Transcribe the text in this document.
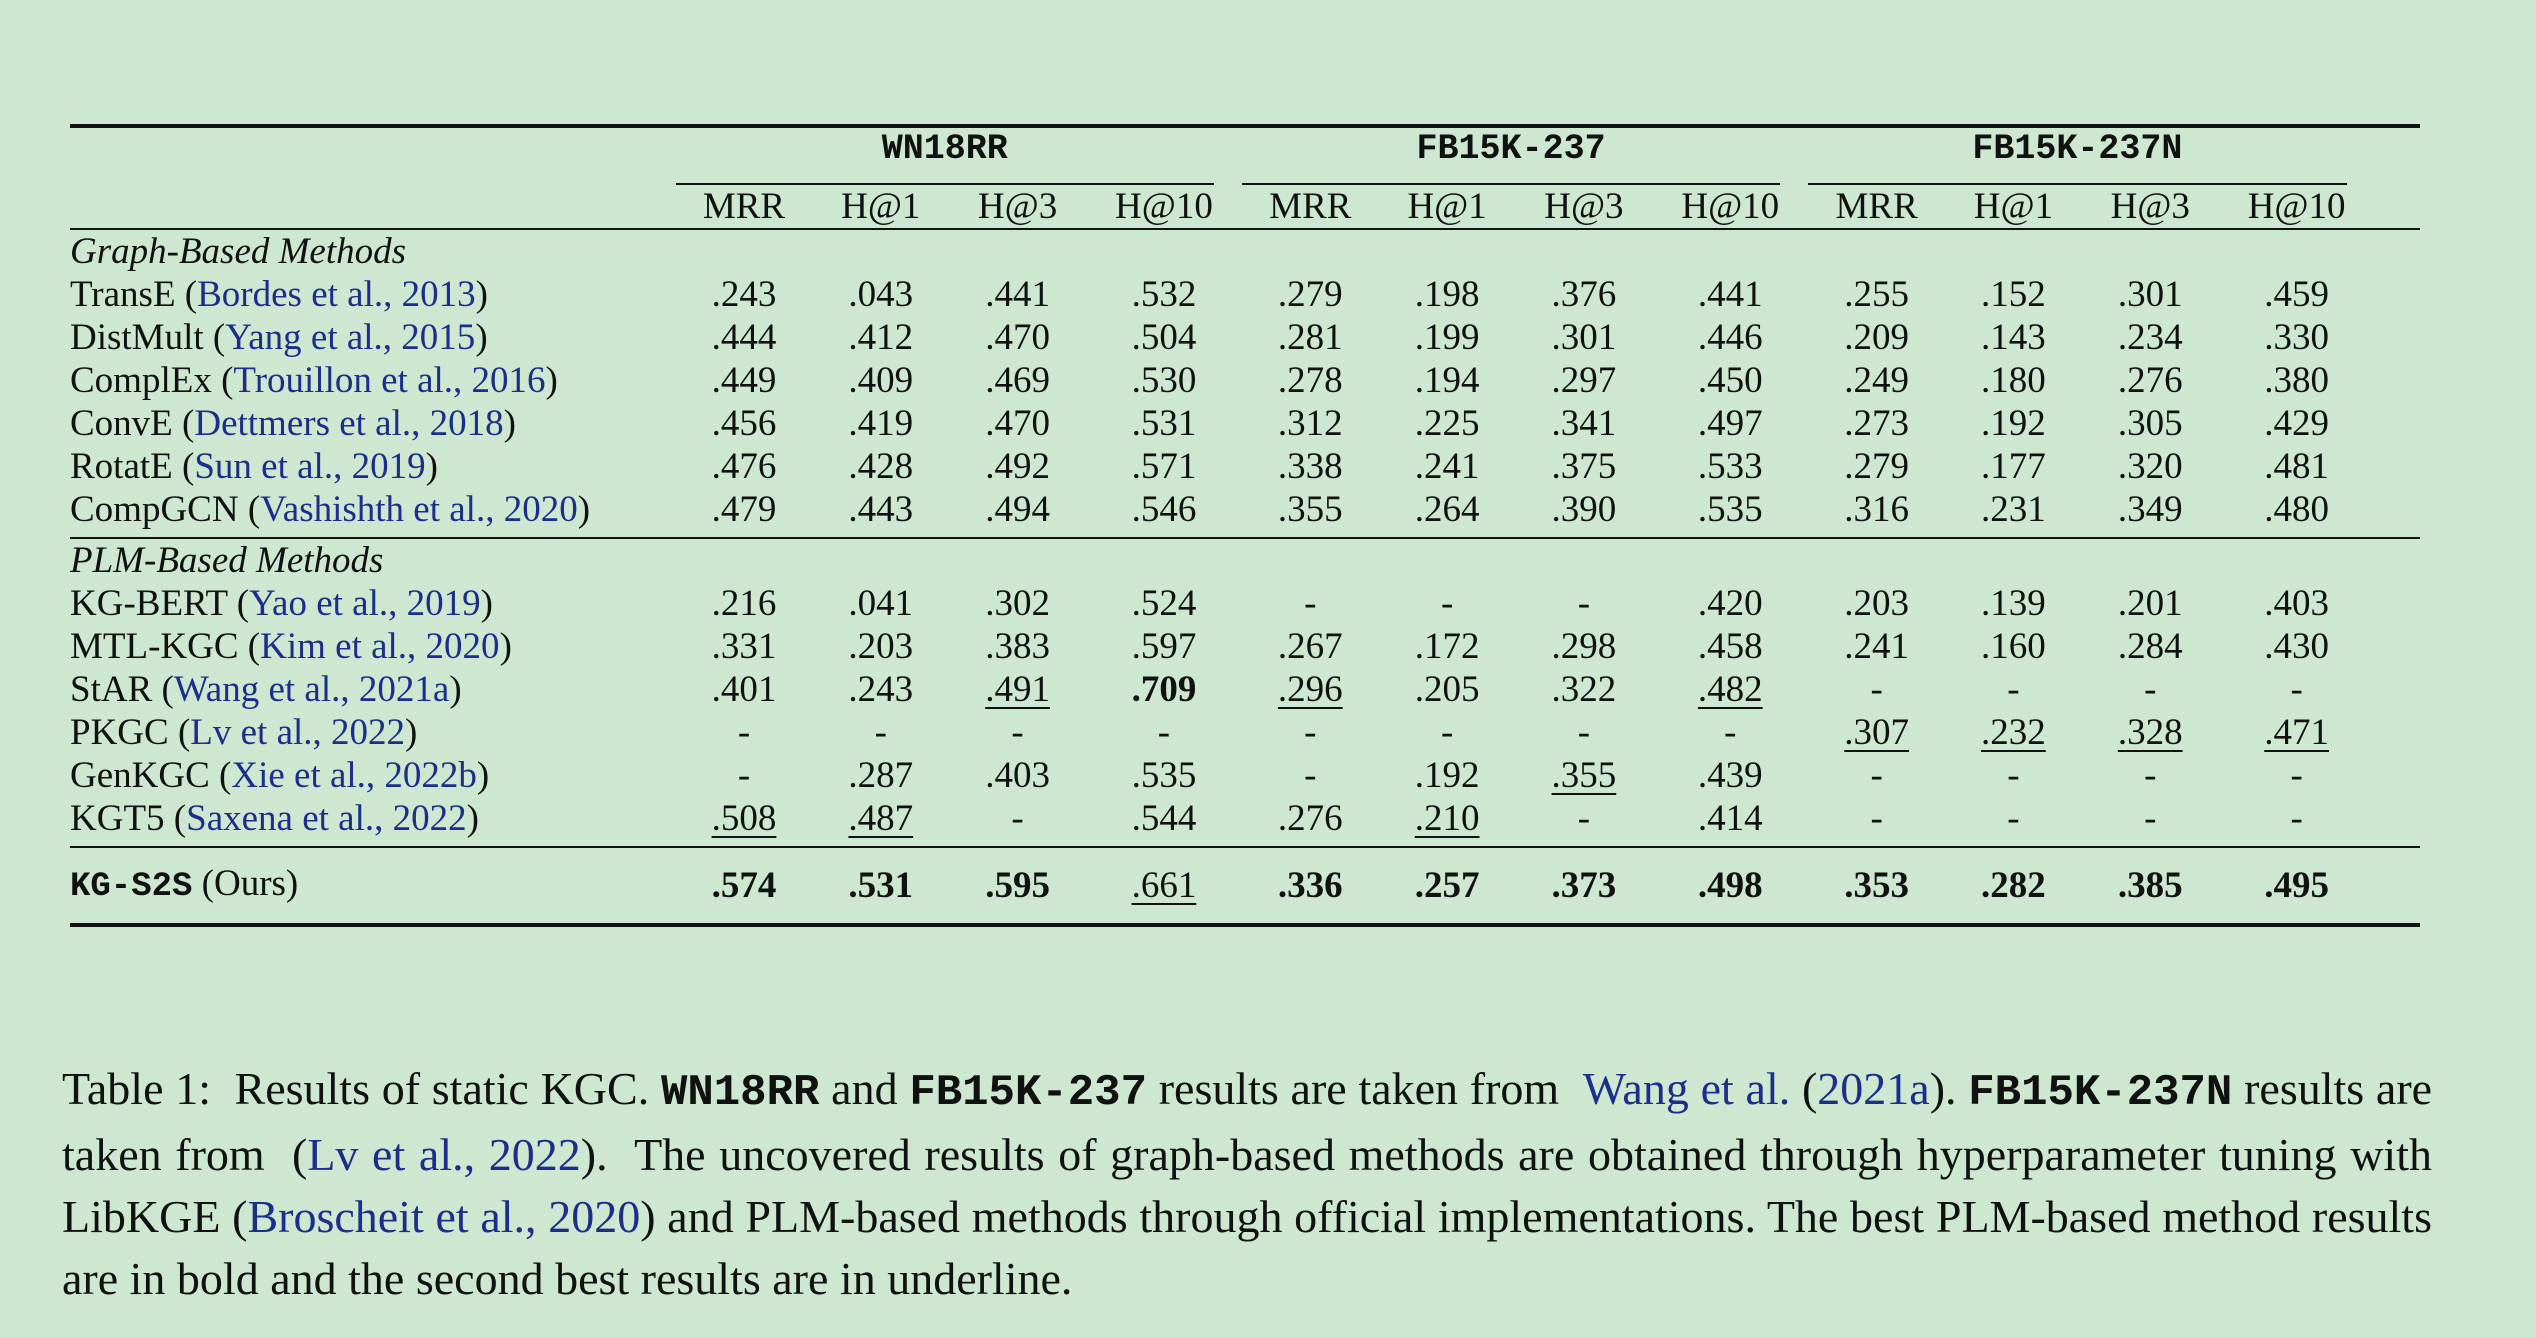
	WN18RR				FB15K-237				FB15K-237N				

	MRR	H@1	H@3	H@10	MRR	H@1	H@3	H@10	MRR	H@1	H@3	H@10	
Graph-Based Methods													
TransE (Bordes et al., 2013)	.243	.043	.441	.532	.279	.198	.376	.441	.255	.152	.301	.459	
DistMult (Yang et al., 2015)	.444	.412	.470	.504	.281	.199	.301	.446	.209	.143	.234	.330	
ComplEx (Trouillon et al., 2016)	.449	.409	.469	.530	.278	.194	.297	.450	.249	.180	.276	.380	
ConvE (Dettmers et al., 2018)	.456	.419	.470	.531	.312	.225	.341	.497	.273	.192	.305	.429	
RotatE (Sun et al., 2019)	.476	.428	.492	.571	.338	.241	.375	.533	.279	.177	.320	.481	
CompGCN (Vashishth et al., 2020)	.479	.443	.494	.546	.355	.264	.390	.535	.316	.231	.349	.480	
PLM-Based Methods													
KG-BERT (Yao et al., 2019)	.216	.041	.302	.524	-	-	-	.420	.203	.139	.201	.403	
MTL-KGC (Kim et al., 2020)	.331	.203	.383	.597	.267	.172	.298	.458	.241	.160	.284	.430	
StAR (Wang et al., 2021a)	.401	.243	.491	.709	.296	.205	.322	.482	-	-	-	-	
PKGC (Lv et al., 2022)	-	-	-	-	-	-	-	-	.307	.232	.328	.471	
GenKGC (Xie et al., 2022b)	-	.287	.403	.535	-	.192	.355	.439	-	-	-	-	
KGT5 (Saxena et al., 2022)	.508	.487	-	.544	.276	.210	-	.414	-	-	-	-	
KG-S2S (Ours)	.574	.531	.595	.661	.336	.257	.373	.498	.353	.282	.385	.495	
Table 1: Results of static KGC. WN18RR and FB15K-237 results are taken from Wang et al. (2021a). FB15K-237N results are taken from  (Lv et al., 2022).  The uncovered results of graph-based methods are obtained through hyperparameter tuning with LibKGE (Broscheit et al., 2020) and PLM-based methods through official implementations. The best PLM-based method results are in bold and the second best results are in underline.
